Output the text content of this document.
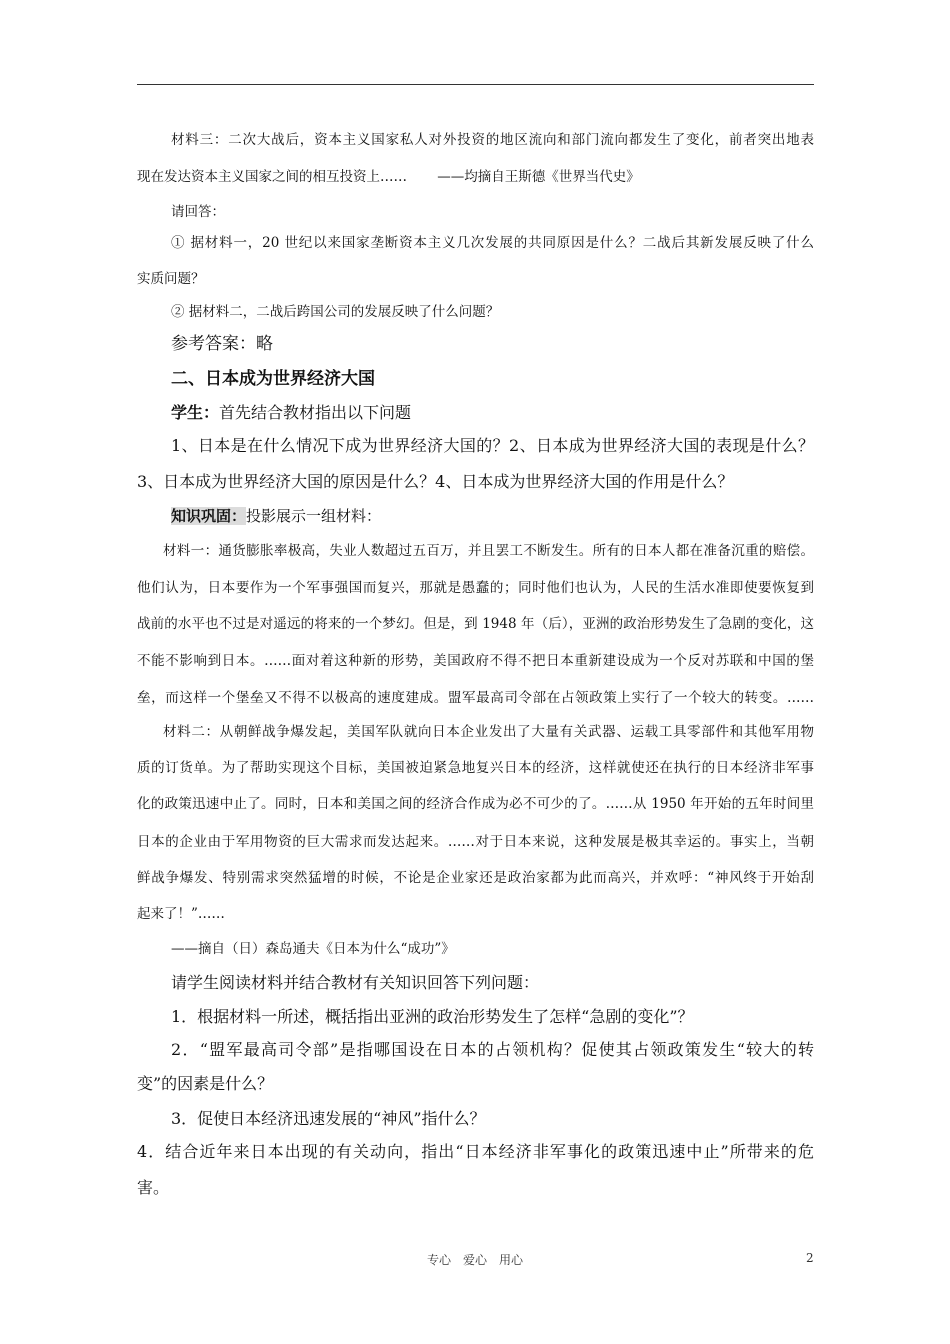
材料三：二次大战后，资本主义国家私人对外投资的地区流向和部门流向都发生了变化，前者突出地表
现在发达资本主义国家之间的相互投资上…… ——均摘自王斯德《世界当代史》
请回答：
① 据材料一，20 世纪以来国家垄断资本主义几次发展的共同原因是什么？二战后其新发展反映了什么
实质问题？
② 据材料二，二战后跨国公司的发展反映了什么问题？
参考答案：略
二、日本成为世界经济大国
学生：首先结合教材指出以下问题
1、日本是在什么情况下成为世界经济大国的？2、日本成为世界经济大国的表现是什么？
3、日本成为世界经济大国的原因是什么？4、日本成为世界经济大国的作用是什么？
知识巩固：投影展示一组材料：
材料一：通货膨胀率极高，失业人数超过五百万，并且罢工不断发生。所有的日本人都在准备沉重的赔偿。
他们认为，日本要作为一个军事强国而复兴，那就是愚蠢的；同时他们也认为，人民的生活水准即使要恢复到
战前的水平也不过是对遥远的将来的一个梦幻。但是，到 1948 年（后），亚洲的政治形势发生了急剧的变化，这
不能不影响到日本。……面对着这种新的形势，美国政府不得不把日本重新建设成为一个反对苏联和中国的堡
垒，而这样一个堡垒又不得不以极高的速度建成。盟军最高司令部在占领政策上实行了一个较大的转变。……
材料二：从朝鲜战争爆发起，美国军队就向日本企业发出了大量有关武器、运载工具零部件和其他军用物
质的订货单。为了帮助实现这个目标，美国被迫紧急地复兴日本的经济，这样就使还在执行的日本经济非军事
化的政策迅速中止了。同时，日本和美国之间的经济合作成为必不可少的了。……从 1950 年开始的五年时间里
日本的企业由于军用物资的巨大需求而发达起来。……对于日本来说，这种发展是极其幸运的。事实上，当朝
鲜战争爆发、特别需求突然猛增的时候，不论是企业家还是政治家都为此而高兴，并欢呼：“神风终于开始刮
起来了！”……
——摘自（日）森岛通夫《日本为什么“成功”》
请学生阅读材料并结合教材有关知识回答下列问题：
1．根据材料一所述，概括指出亚洲的政治形势发生了怎样“急剧的变化”？
2．“盟军最高司令部”是指哪国设在日本的占领机构？促使其占领政策发生“较大的转
变”的因素是什么？
3．促使日本经济迅速发展的“神风”指什么？
4．结合近年来日本出现的有关动向，指出“日本经济非军事化的政策迅速中止”所带来的危
害。
专心　爱心　用心	2
